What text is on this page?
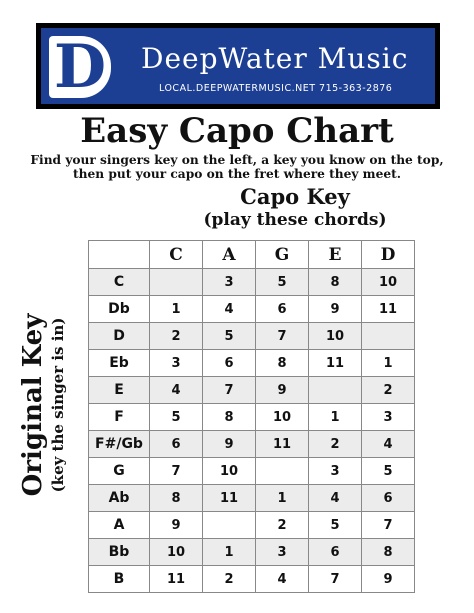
D DeepWater Music
LOCAL.DEEPWATERMUSIC.NET 715-363-2876
Easy Capo Chart
Find your singers key on the left, a key you know on the top,
then put your capo on the fret where they meet.
Capo Key
(play these chords)
Original Key (key the singer is in)
	C	A	G	E	D
C		3	5	8	10
Db	1	4	6	9	11
D	2	5	7	10	
Eb	3	6	8	11	1
E	4	7	9		2
F	5	8	10	1	3
F#/Gb	6	9	11	2	4
G	7	10		3	5
Ab	8	11	1	4	6
A	9		2	5	7
Bb	10	1	3	6	8
B	11	2	4	7	9
